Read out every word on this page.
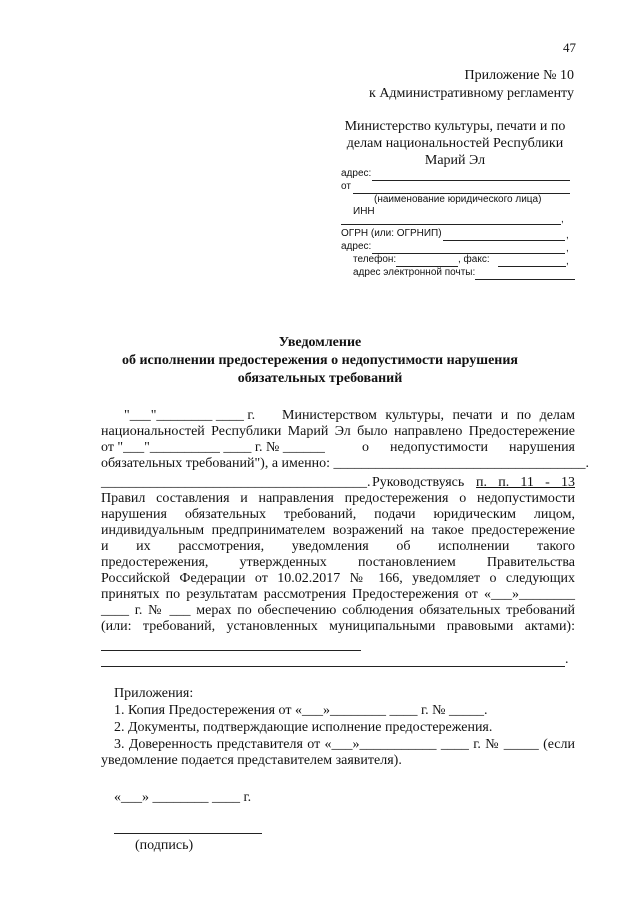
47
Приложение № 10
к Административному регламенту
Министерство культуры, печати и по
делам национальностей Республики
Марий Эл
адрес:
от
(наименование юридического лица)
ИНН
,
ОГРН (или: ОГРНИП)	,
адрес:	,
телефон:	, факс:	,
адрес электронной почты:
Уведомление
об исполнении предостережения о недопустимости нарушения
обязательных требований
"___"________ ____ г. Министерством культуры, печати и по делам
национальностей Республики Марий Эл было направлено Предостережение
от "___"__________ ____ г. № ______	о недопустимости нарушения
обязательных требований"), а именно: ____________________________________.
______________________________________. Руководствуясь п. п. 11 - 13
Правил составления и направления предостережения о недопустимости
нарушения обязательных требований, подачи юридическим лицом,
индивидуальным предпринимателем возражений на такое предостережение
и их рассмотрения, уведомления об исполнении такого
предостережения, утвержденных постановлением Правительства
Российской Федерации от 10.02.2017 № 166, уведомляет о следующих
принятых по результатам рассмотрения Предостережения от «___»________
____ г. № ___ мерах по обеспечению соблюдения обязательных требований
(или: требований, установленных муниципальными правовыми актами):
.
Приложения:
1. Копия Предостережения от «___»________ ____ г. № _____.
2. Документы, подтверждающие исполнение предостережения.
3. Доверенность представителя от «___»___________ ____ г. № _____ (если
уведомление подается представителем заявителя).
«___» ________ ____ г.
(подпись)
